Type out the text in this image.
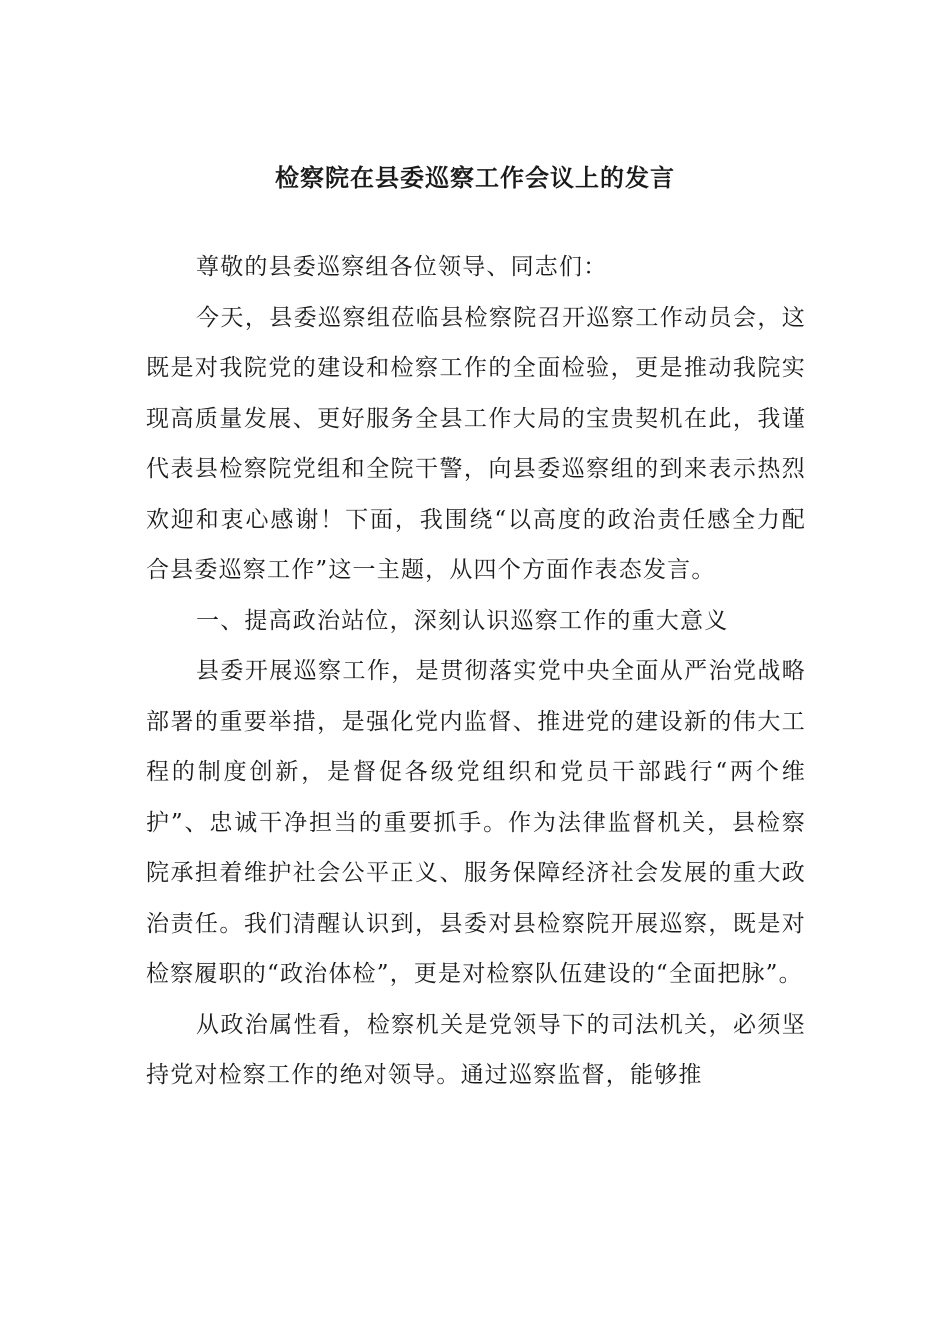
检察院在县委巡察工作会议上的发言

尊敬的县委巡察组各位领导、同志们：

今天，县委巡察组莅临县检察院召开巡察工作动员会，这既是对我院党的建设和检察工作的全面检验，更是推动我院实现高质量发展、更好服务全县工作大局的宝贵契机在此，我谨代表县检察院党组和全院干警，向县委巡察组的到来表示热烈欢迎和衷心感谢！下面，我围绕“以高度的政治责任感全力配合县委巡察工作”这一主题，从四个方面作表态发言。

一、提高政治站位，深刻认识巡察工作的重大意义

县委开展巡察工作，是贯彻落实党中央全面从严治党战略部署的重要举措，是强化党内监督、推进党的建设新的伟大工程的制度创新，是督促各级党组织和党员干部践行“两个维护”、忠诚干净担当的重要抓手。作为法律监督机关，县检察院承担着维护社会公平正义、服务保障经济社会发展的重大政治责任。我们清醒认识到，县委对县检察院开展巡察，既是对检察履职的“政治体检”，更是对检察队伍建设的“全面把脉”。

从政治属性看，检察机关是党领导下的司法机关，必须坚持党对检察工作的绝对领导。通过巡察监督，能够推
